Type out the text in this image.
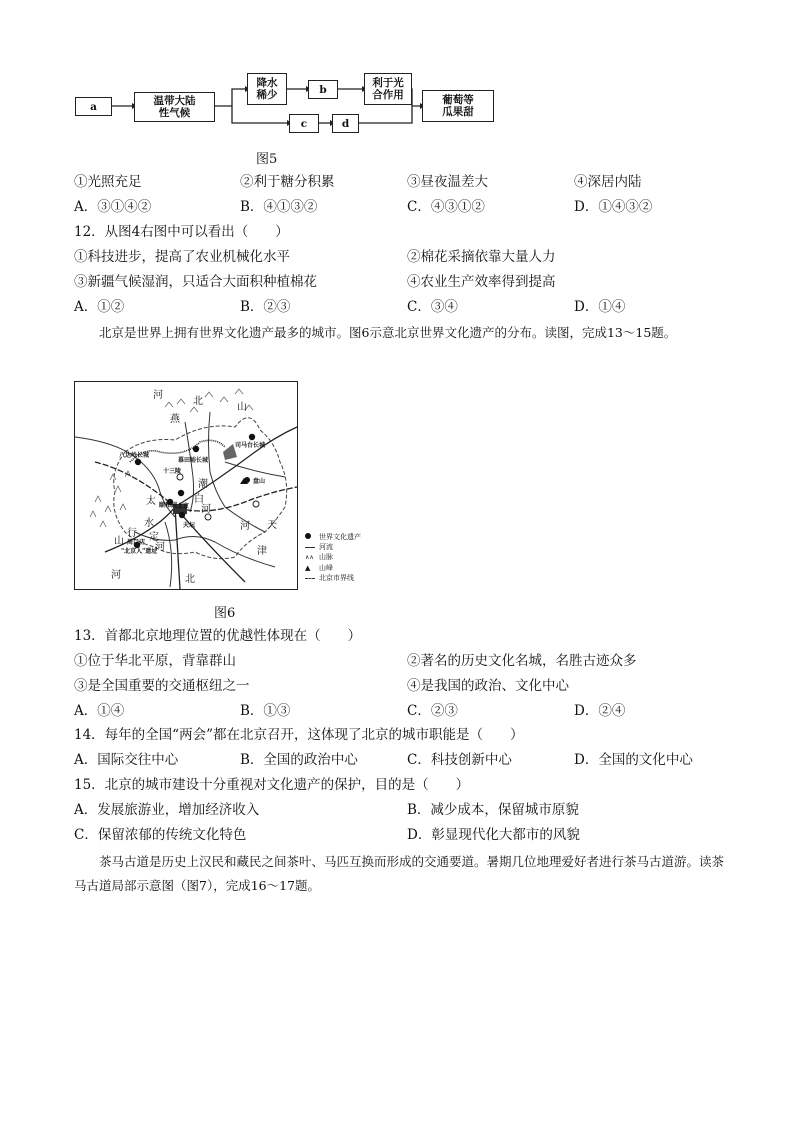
a	温带大陆
性气候
降水
稀少	b
利于光
合作用
c	d
葡萄等
瓜果甜
图5
①光照充足	②利于糖分积累	③昼夜温差大	④深居内陆
A．③①④②	B．④①③②	C．④③①②	D．①④③②
12．从图4右图中可以看出（　　）
①科技进步，提高了农业机械化水平	②棉花采摘依靠大量人力
③新疆气候湿润，只适合大面积种植棉花	④农业生产效率得到提高
A．①②	B．②③	C．③④	D．①④
北京是世界上拥有世界文化遗产最多的城市。图6示意北京世界文化遗产的分布。读图，完成13～15题。
河
北
燕
山
司马台长城
八达岭长城
慕田峪长城
十三陵
潮
白
河
盘山
颐和园 北京
太
行
山
水
定
天坛
周口店
"北京人"遗址
河
天
津
河
河	北
世界文化遗产
河流
∧∧ 山脉
▲ 山峰
北京市界线
图6
13．首都北京地理位置的优越性体现在（　　）
①位于华北平原，背靠群山	②著名的历史文化名城，名胜古迹众多
③是全国重要的交通枢纽之一	④是我国的政治、文化中心
A．①④	B．①③	C．②③	D．②④
14．每年的全国“两会”都在北京召开，这体现了北京的城市职能是（　　）
A．国际交往中心	B．全国的政治中心	C．科技创新中心	D．全国的文化中心
15．北京的城市建设十分重视对文化遗产的保护，目的是（　　）
A．发展旅游业，增加经济收入	B．减少成本，保留城市原貌
C．保留浓郁的传统文化特色	D．彰显现代化大都市的风貌
茶马古道是历史上汉民和藏民之间茶叶、马匹互换而形成的交通要道。暑期几位地理爱好者进行茶马古道游。读茶马古道局部示意图（图7），完成16～17题。
